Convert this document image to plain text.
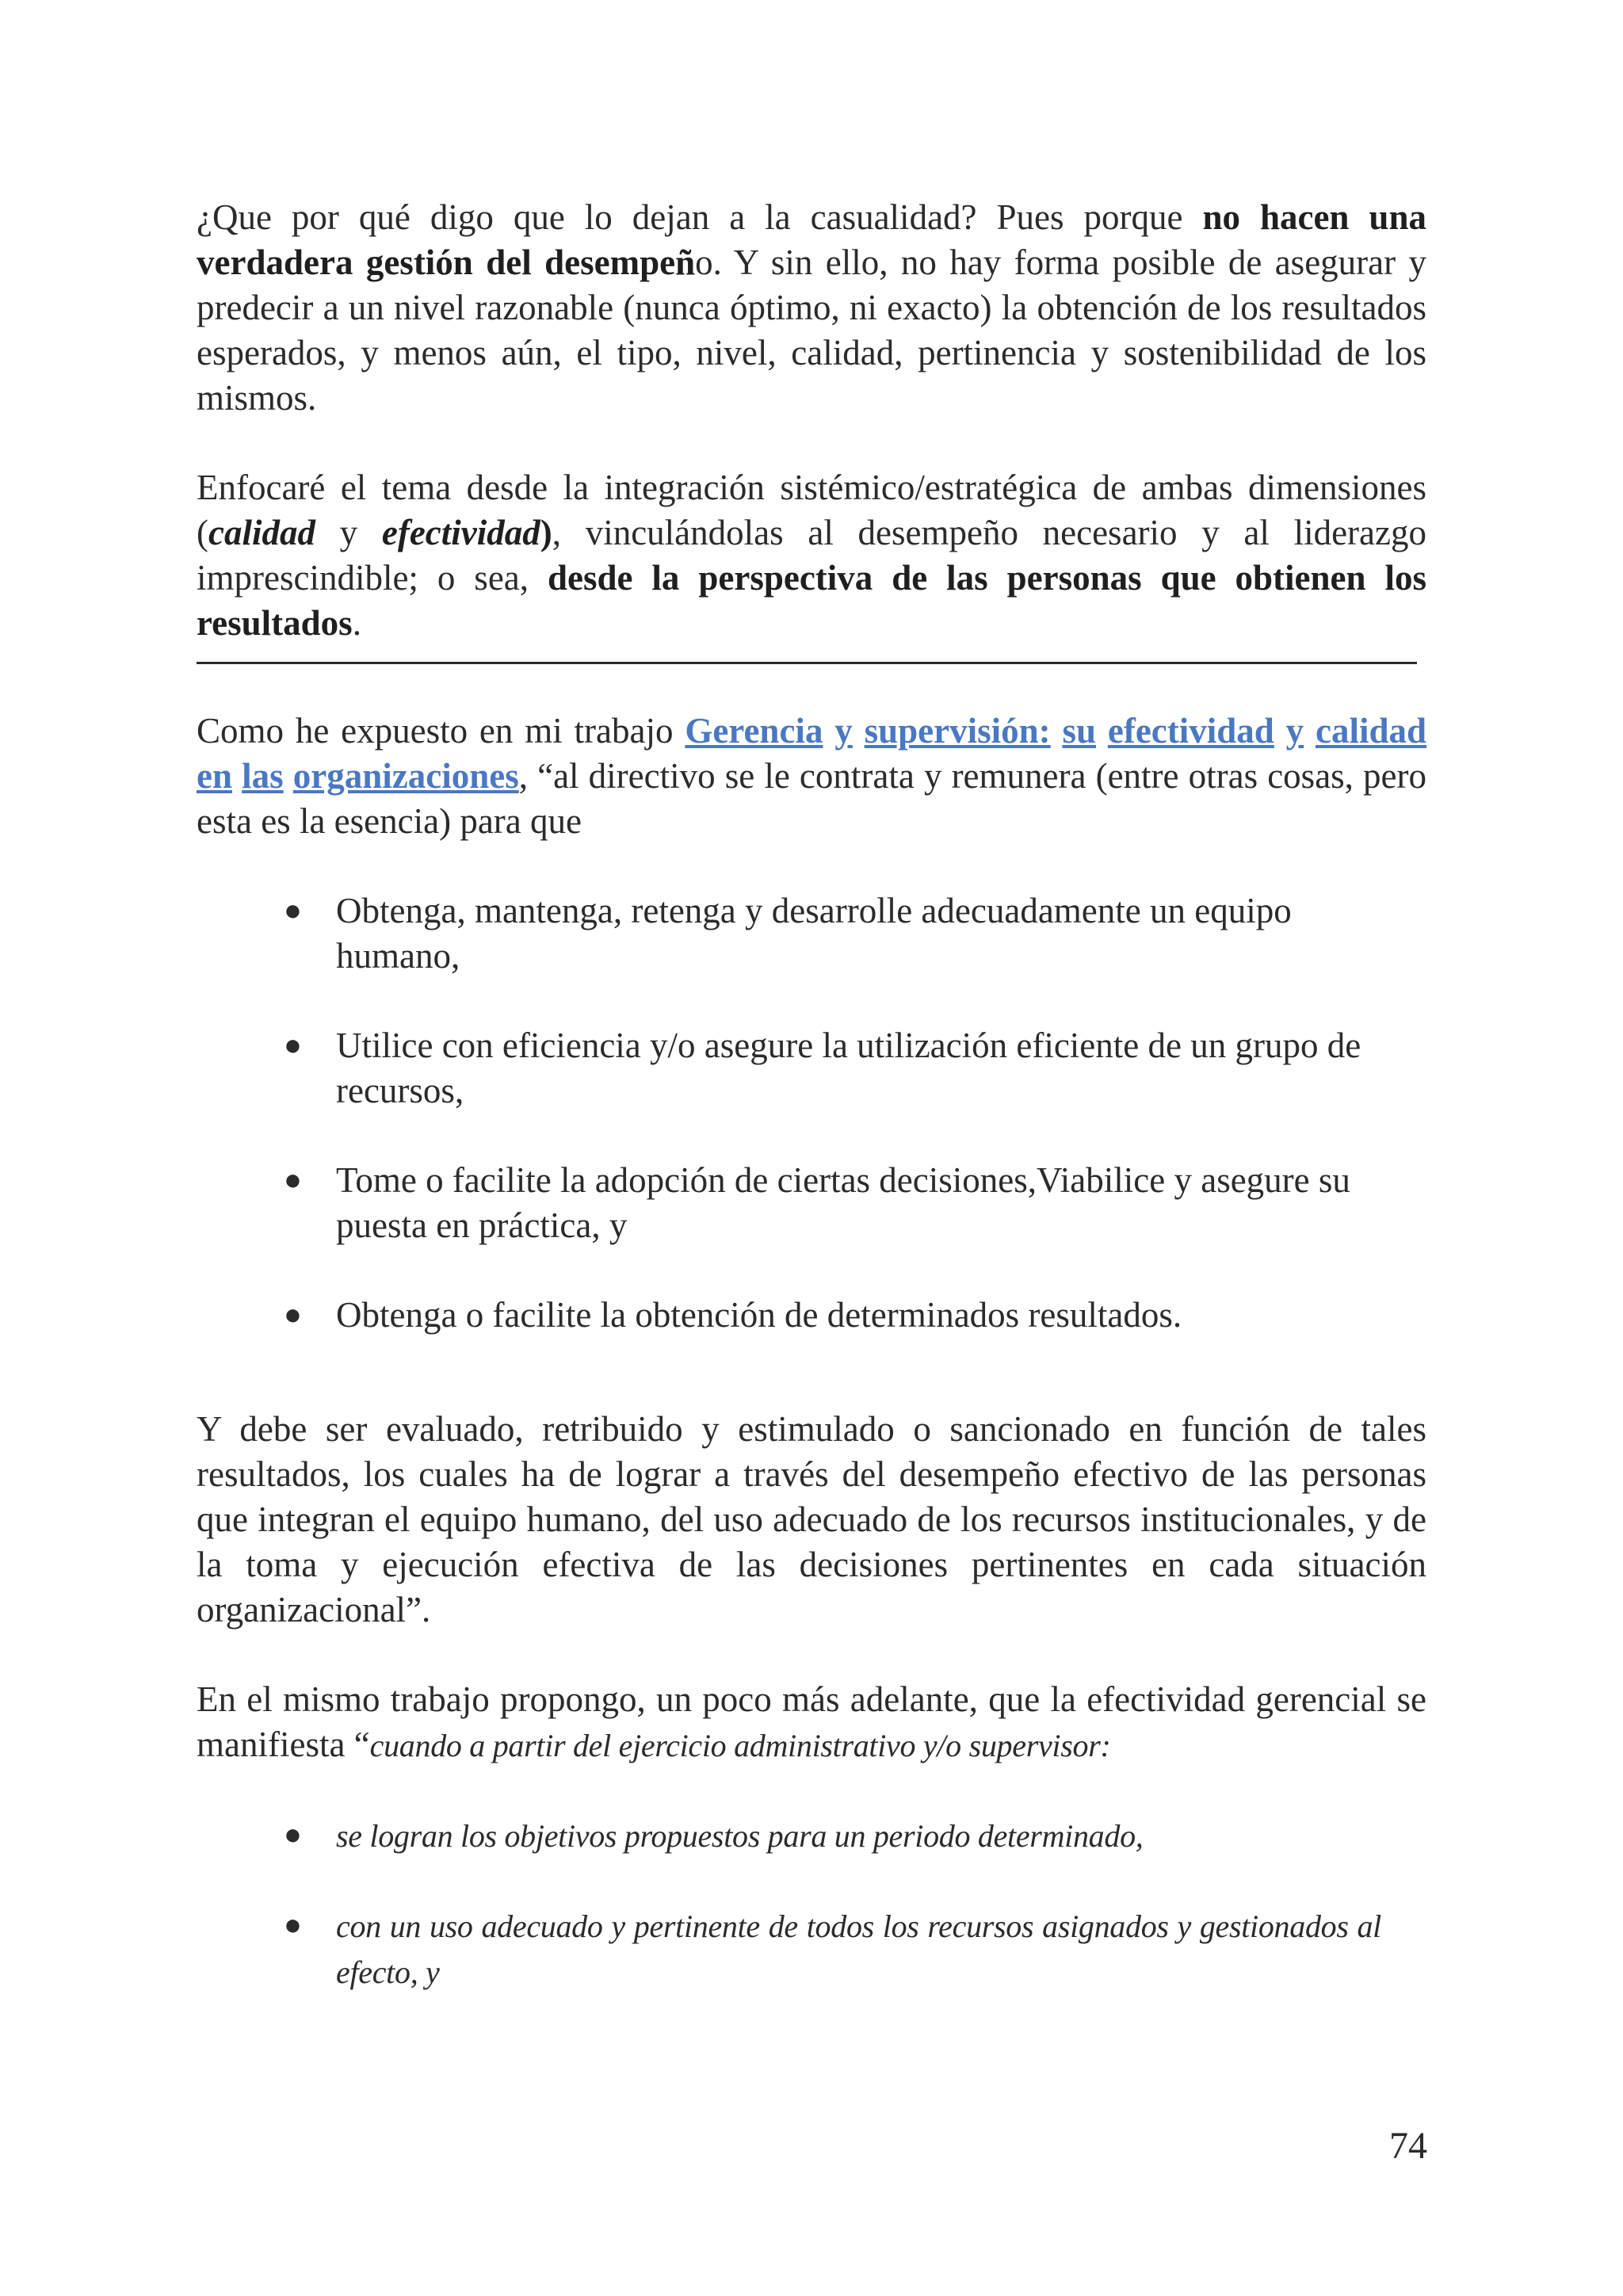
¿Que por qué digo que lo dejan a la casualidad? Pues porque no hacen una verdadera gestión del desempeño. Y sin ello, no hay forma posible de asegurar y predecir a un nivel razonable (nunca óptimo, ni exacto) la obtención de los resultados esperados, y menos aún, el tipo, nivel, calidad, pertinencia y sostenibilidad de los mismos.

Enfocaré el tema desde la integración sistémico/estratégica de ambas dimensiones (calidad y efectividad), vinculándolas al desempeño necesario y al liderazgo imprescindible; o sea, desde la perspectiva de las personas que obtienen los resultados.

Como he expuesto en mi trabajo Gerencia y supervisión: su efectividad y calidad en las organizaciones, “al directivo se le contrata y remunera (entre otras cosas, pero esta es la esencia) para que

● Obtenga, mantenga, retenga y desarrolle adecuadamente un equipo humano,
● Utilice con eficiencia y/o asegure la utilización eficiente de un grupo de recursos,
● Tome o facilite la adopción de ciertas decisiones,Viabilice y asegure su puesta en práctica, y
● Obtenga o facilite la obtención de determinados resultados.

Y debe ser evaluado, retribuido y estimulado o sancionado en función de tales resultados, los cuales ha de lograr a través del desempeño efectivo de las personas que integran el equipo humano, del uso adecuado de los recursos institucionales, y de la toma y ejecución efectiva de las decisiones pertinentes en cada situación organizacional”.

En el mismo trabajo propongo, un poco más adelante, que la efectividad gerencial se manifiesta “cuando a partir del ejercicio administrativo y/o supervisor:

●	se logran los objetivos propuestos para un periodo determinado,
●	con un uso adecuado y pertinente de todos los recursos asignados y gestionados al efecto, y
74
